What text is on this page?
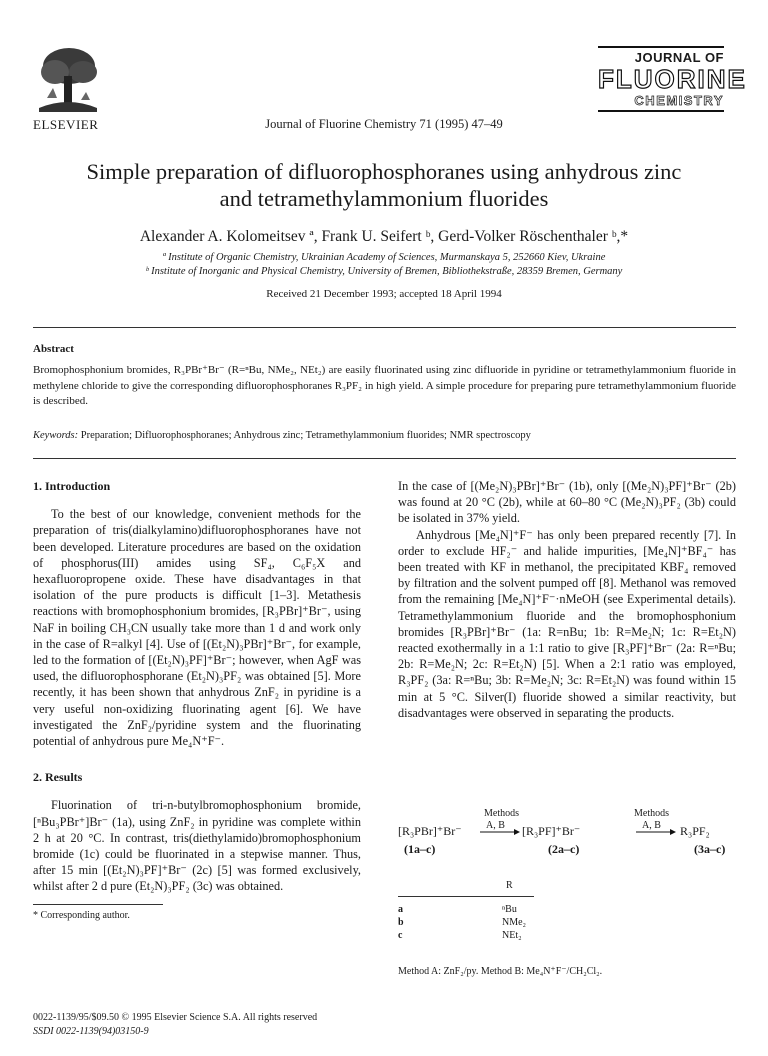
ELSEVIER	Journal of Fluorine Chemistry 71 (1995) 47–49
JOURNAL OF
FLUORINE
CHEMISTRY
Simple preparation of difluorophosphoranes using anhydrous zinc
and tetramethylammonium fluorides
Alexander A. Kolomeitsev ª, Frank U. Seifert ᵇ, Gerd-Volker Röschenthaler ᵇ,*
ª Institute of Organic Chemistry, Ukrainian Academy of Sciences, Murmanskaya 5, 252660 Kiev, Ukraine
ᵇ Institute of Inorganic and Physical Chemistry, University of Bremen, Bibliothekstraße, 28359 Bremen, Germany
Received 21 December 1993; accepted 18 April 1994
Abstract
Bromophosphonium bromides, R₃PBr⁺Br⁻ (R=ⁿBu, NMe₂, NEt₂) are easily fluorinated using zinc difluoride in pyridine or tetramethylammonium fluoride in methylene chloride to give the corresponding difluorophosphoranes R₃PF₂ in high yield. A simple procedure for preparing pure tetramethylammonium fluoride is described.
Keywords: Preparation; Difluorophosphoranes; Anhydrous zinc; Tetramethylammonium fluorides; NMR spectroscopy
1. Introduction

To the best of our knowledge, convenient methods for the preparation of tris(dialkylamino)difluorophosphoranes have not been developed. Literature procedures are based on the oxidation of phosphorus(III) amides using SF₄, C₆F₅X and hexafluoropropene oxide. These have disadvantages in that isolation of the pure products is difficult [1–3]. Metathesis reactions with bromophosphonium bromides, [R₃PBr]⁺Br⁻, using NaF in boiling CH₃CN usually take more than 1 d and work only in the case of R=alkyl [4]. Use of [(Et₂N)₃PBr]⁺Br⁻, for example, led to the formation of [(Et₂N)₃PF]⁺Br⁻; however, when AgF was used, the difluorophosphorane (Et₂N)₃PF₂ was obtained [5]. More recently, it has been shown that anhydrous ZnF₂ in pyridine is a very useful non-oxidizing fluorinating agent [6]. We have investigated the ZnF₂/pyridine system and the fluorinating potential of anhydrous pure Me₄N⁺F⁻.

2. Results

Fluorination of tri-n-butylbromophosphonium bromide, [ⁿBu₃PBr⁺]Br⁻ (1a), using ZnF₂ in pyridine was complete within 2 h at 20 °C. In contrast, tris(diethylamido)bromophosphonium bromide (1c) could be fluorinated in a stepwise manner. Thus, after 15 min [(Et₂N)₃PF]⁺Br⁻ (2c) [5] was formed exclusively, whilst after 2 d pure (Et₂N)₃PF₂ (3c) was obtained.

In the case of [(Me₂N)₃PBr]⁺Br⁻ (1b), only [(Me₂N)₃PF]⁺Br⁻ (2b) was found at 20 °C (2b), while at 60–80 °C (Me₂N)₃PF₂ (3b) could be isolated in 37% yield.

Anhydrous [Me₄N]⁺F⁻ has only been prepared recently [7]. In order to exclude HF₂⁻ and halide impurities, [Me₄N]⁺BF₄⁻ has been treated with KF in methanol, the precipitated KBF₄ removed by filtration and the solvent pumped off [8]. Methanol was removed from the remaining [Me₄N]⁺F⁻·nMeOH (see Experimental details). Tetramethylammonium fluoride and the bromophosphonium bromides [R₃PBr]⁺Br⁻ (1a: R=nBu; 1b: R=Me₂N; 1c: R=Et₂N) reacted exothermally in a 1:1 ratio to give [R₃PF]⁺Br⁻ (2a: R=ⁿBu; 2b: R=Me₂N; 2c: R=Et₂N) [5]. When a 2:1 ratio was employed, R₃PF₂ (3a: R=ⁿBu; 3b: R=Me₂N; 3c: R=Et₂N) was found within 15 min at 5 °C. Silver(I) fluoride showed a similar reactivity, but disadvantages were observed in separating the products.

Methods	Methods
[R₃PBr]⁺Br⁻ A, B [R₃PF]⁺Br⁻	A, B R₃PF₂
(1a–c)	(2a–c)	(3a–c)
R
a	ⁿBu
b	NMe₂
c	NEt₂
Method A: ZnF₂/py. Method B: Me₄N⁺F⁻/CH₂Cl₂.
* Corresponding author.
0022-1139/95/$09.50 © 1995 Elsevier Science S.A. All rights reserved
SSDI 0022-1139(94)03150-9
